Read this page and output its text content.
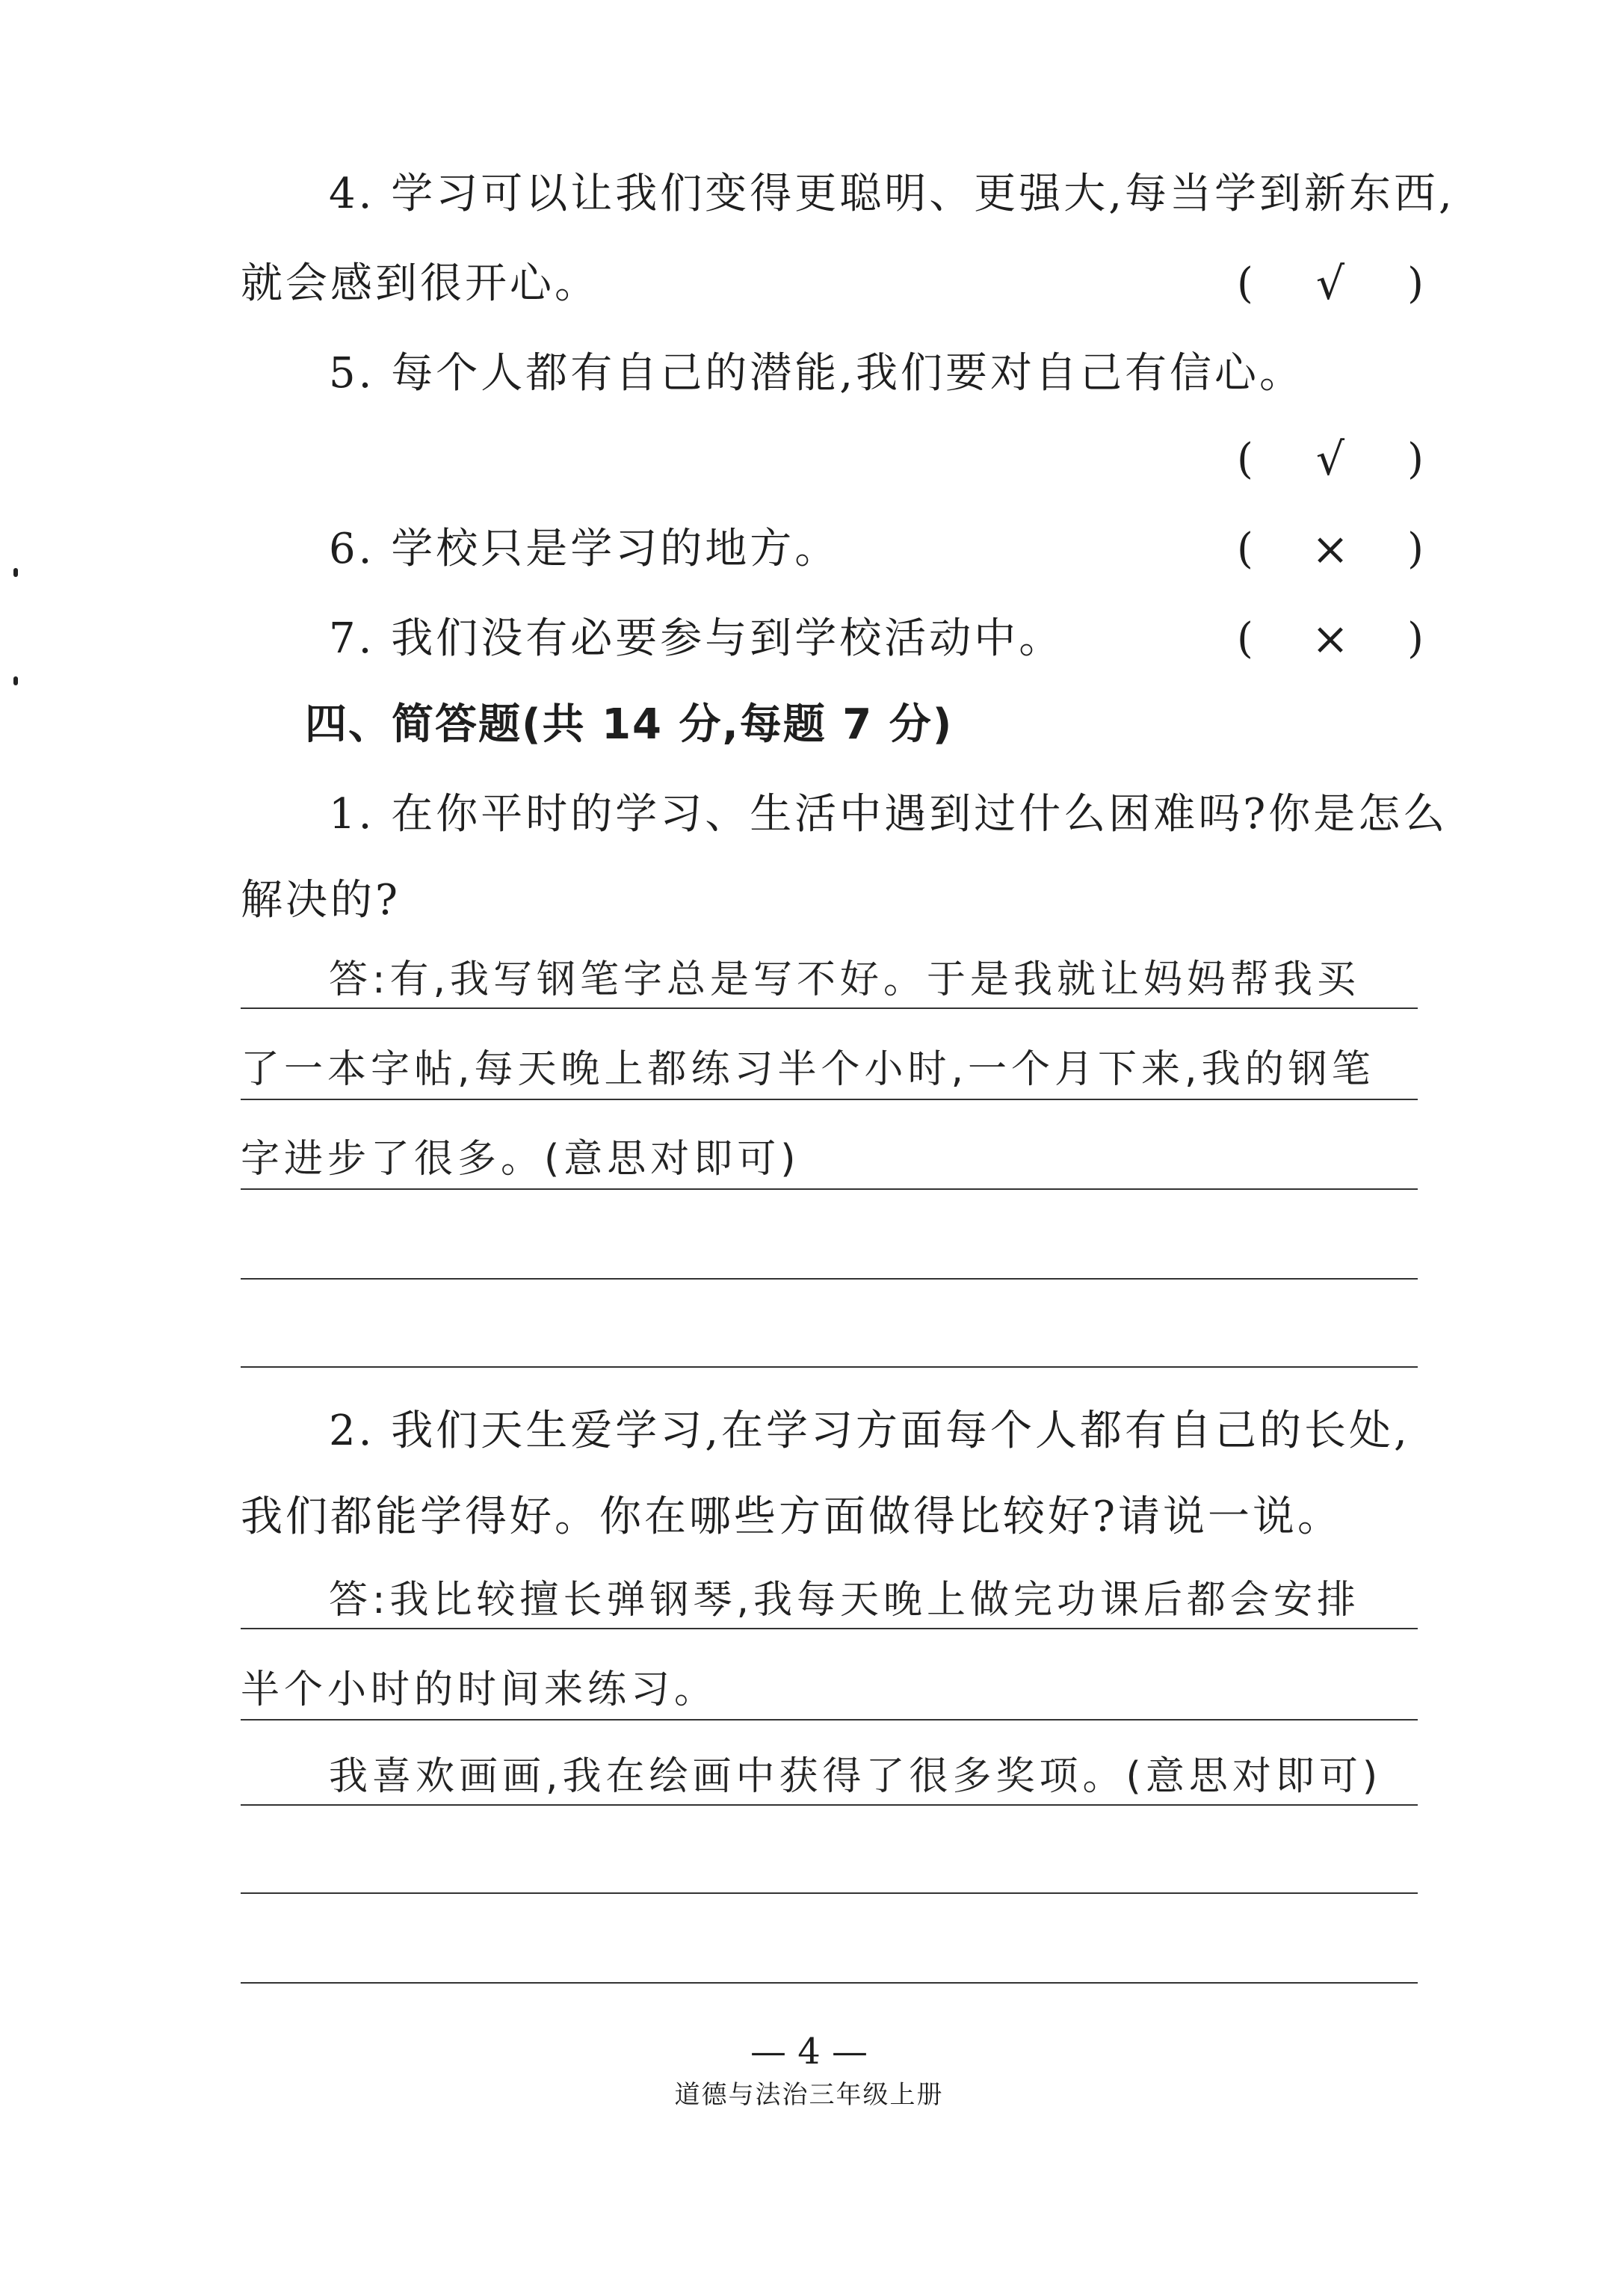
4. 学习可以让我们变得更聪明、更强大,每当学到新东西,
就会感到很开心。	(	√	)
5. 每个人都有自己的潜能,我们要对自己有信心。
(	√	)
6. 学校只是学习的地方。	(	×	)
7. 我们没有必要参与到学校活动中。	(	×	)
四、简答题(共 14 分,每题 7 分)
1. 在你平时的学习、生活中遇到过什么困难吗?你是怎么
解决的?
答:有,我写钢笔字总是写不好。于是我就让妈妈帮我买
了一本字帖,每天晚上都练习半个小时,一个月下来,我的钢笔
字进步了很多。(意思对即可)
2. 我们天生爱学习,在学习方面每个人都有自己的长处,
我们都能学得好。你在哪些方面做得比较好?请说一说。
答:我比较擅长弹钢琴,我每天晚上做完功课后都会安排
半个小时的时间来练习。
我喜欢画画,我在绘画中获得了很多奖项。(意思对即可)
— 4 —
道德与法治三年级上册
